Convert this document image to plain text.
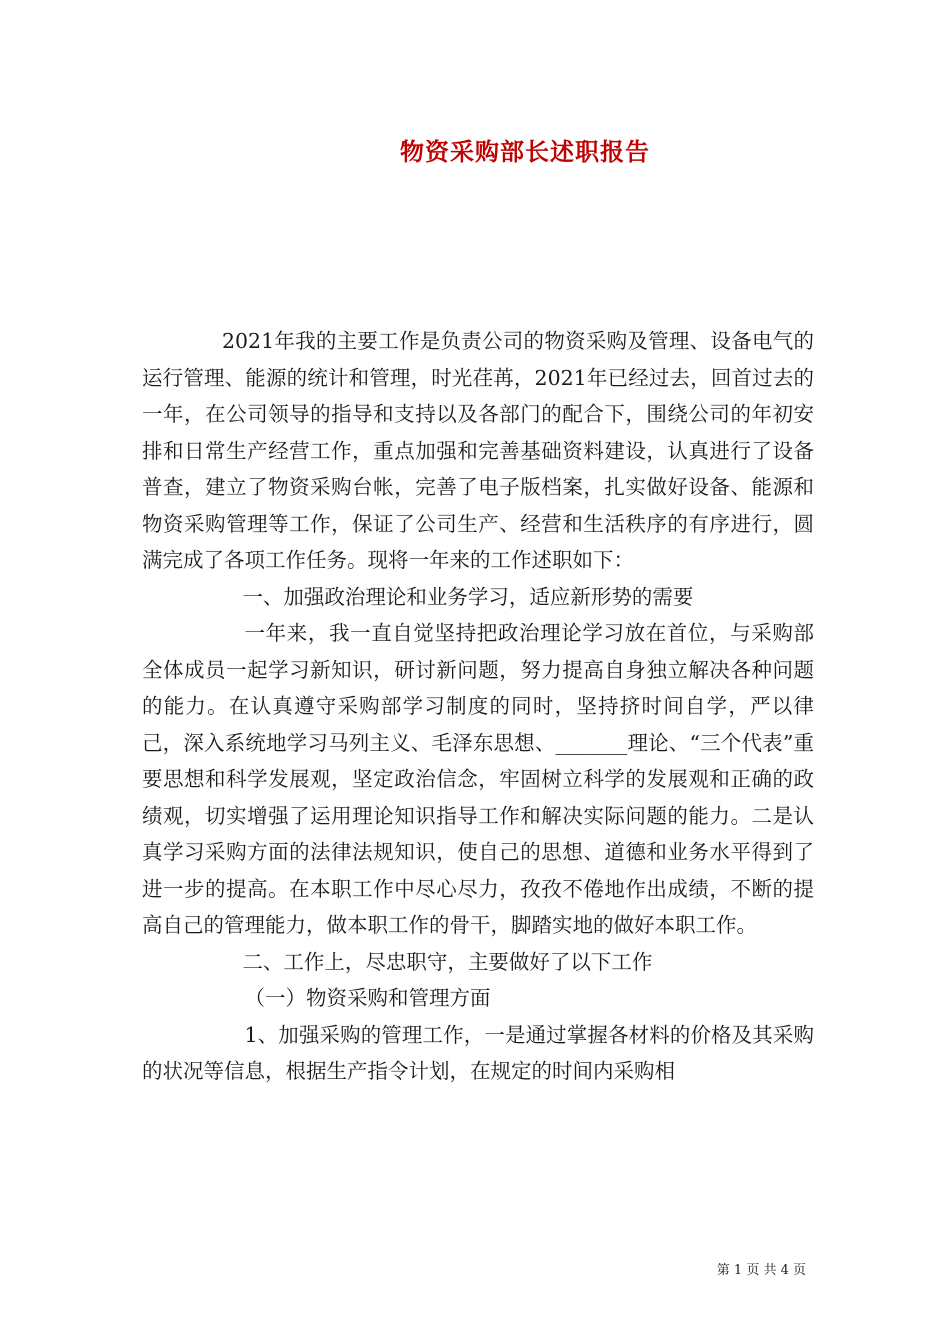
物资采购部长述职报告

2021年我的主要工作是负责公司的物资采购及管理、设备电气的运行管理、能源的统计和管理，时光荏苒，2021年已经过去，回首过去的一年，在公司领导的指导和支持以及各部门的配合下，围绕公司的年初安排和日常生产经营工作，重点加强和完善基础资料建设，认真进行了设备普查，建立了物资采购台帐，完善了电子版档案，扎实做好设备、能源和物资采购管理等工作，保证了公司生产、经营和生活秩序的有序进行，圆满完成了各项工作任务。现将一年来的工作述职如下：

一、加强政治理论和业务学习，适应新形势的需要

一年来，我一直自觉坚持把政治理论学习放在首位，与采购部全体成员一起学习新知识，研讨新问题，努力提高自身独立解决各种问题的能力。在认真遵守采购部学习制度的同时，坚持挤时间自学，严以律己，深入系统地学习马列主义、毛泽东思想、_______理论、“三个代表”重要思想和科学发展观，坚定政治信念，牢固树立科学的发展观和正确的政绩观，切实增强了运用理论知识指导工作和解决实际问题的能力。二是认真学习采购方面的法律法规知识，使自己的思想、道德和业务水平得到了进一步的提高。在本职工作中尽心尽力，孜孜不倦地作出成绩，不断的提高自己的管理能力，做本职工作的骨干，脚踏实地的做好本职工作。

二、工作上，尽忠职守，主要做好了以下工作

（一）物资采购和管理方面

1、加强采购的管理工作，一是通过掌握各材料的价格及其采购的状况等信息，根据生产指令计划，在规定的时间内采购相

第 1 页 共 4 页
